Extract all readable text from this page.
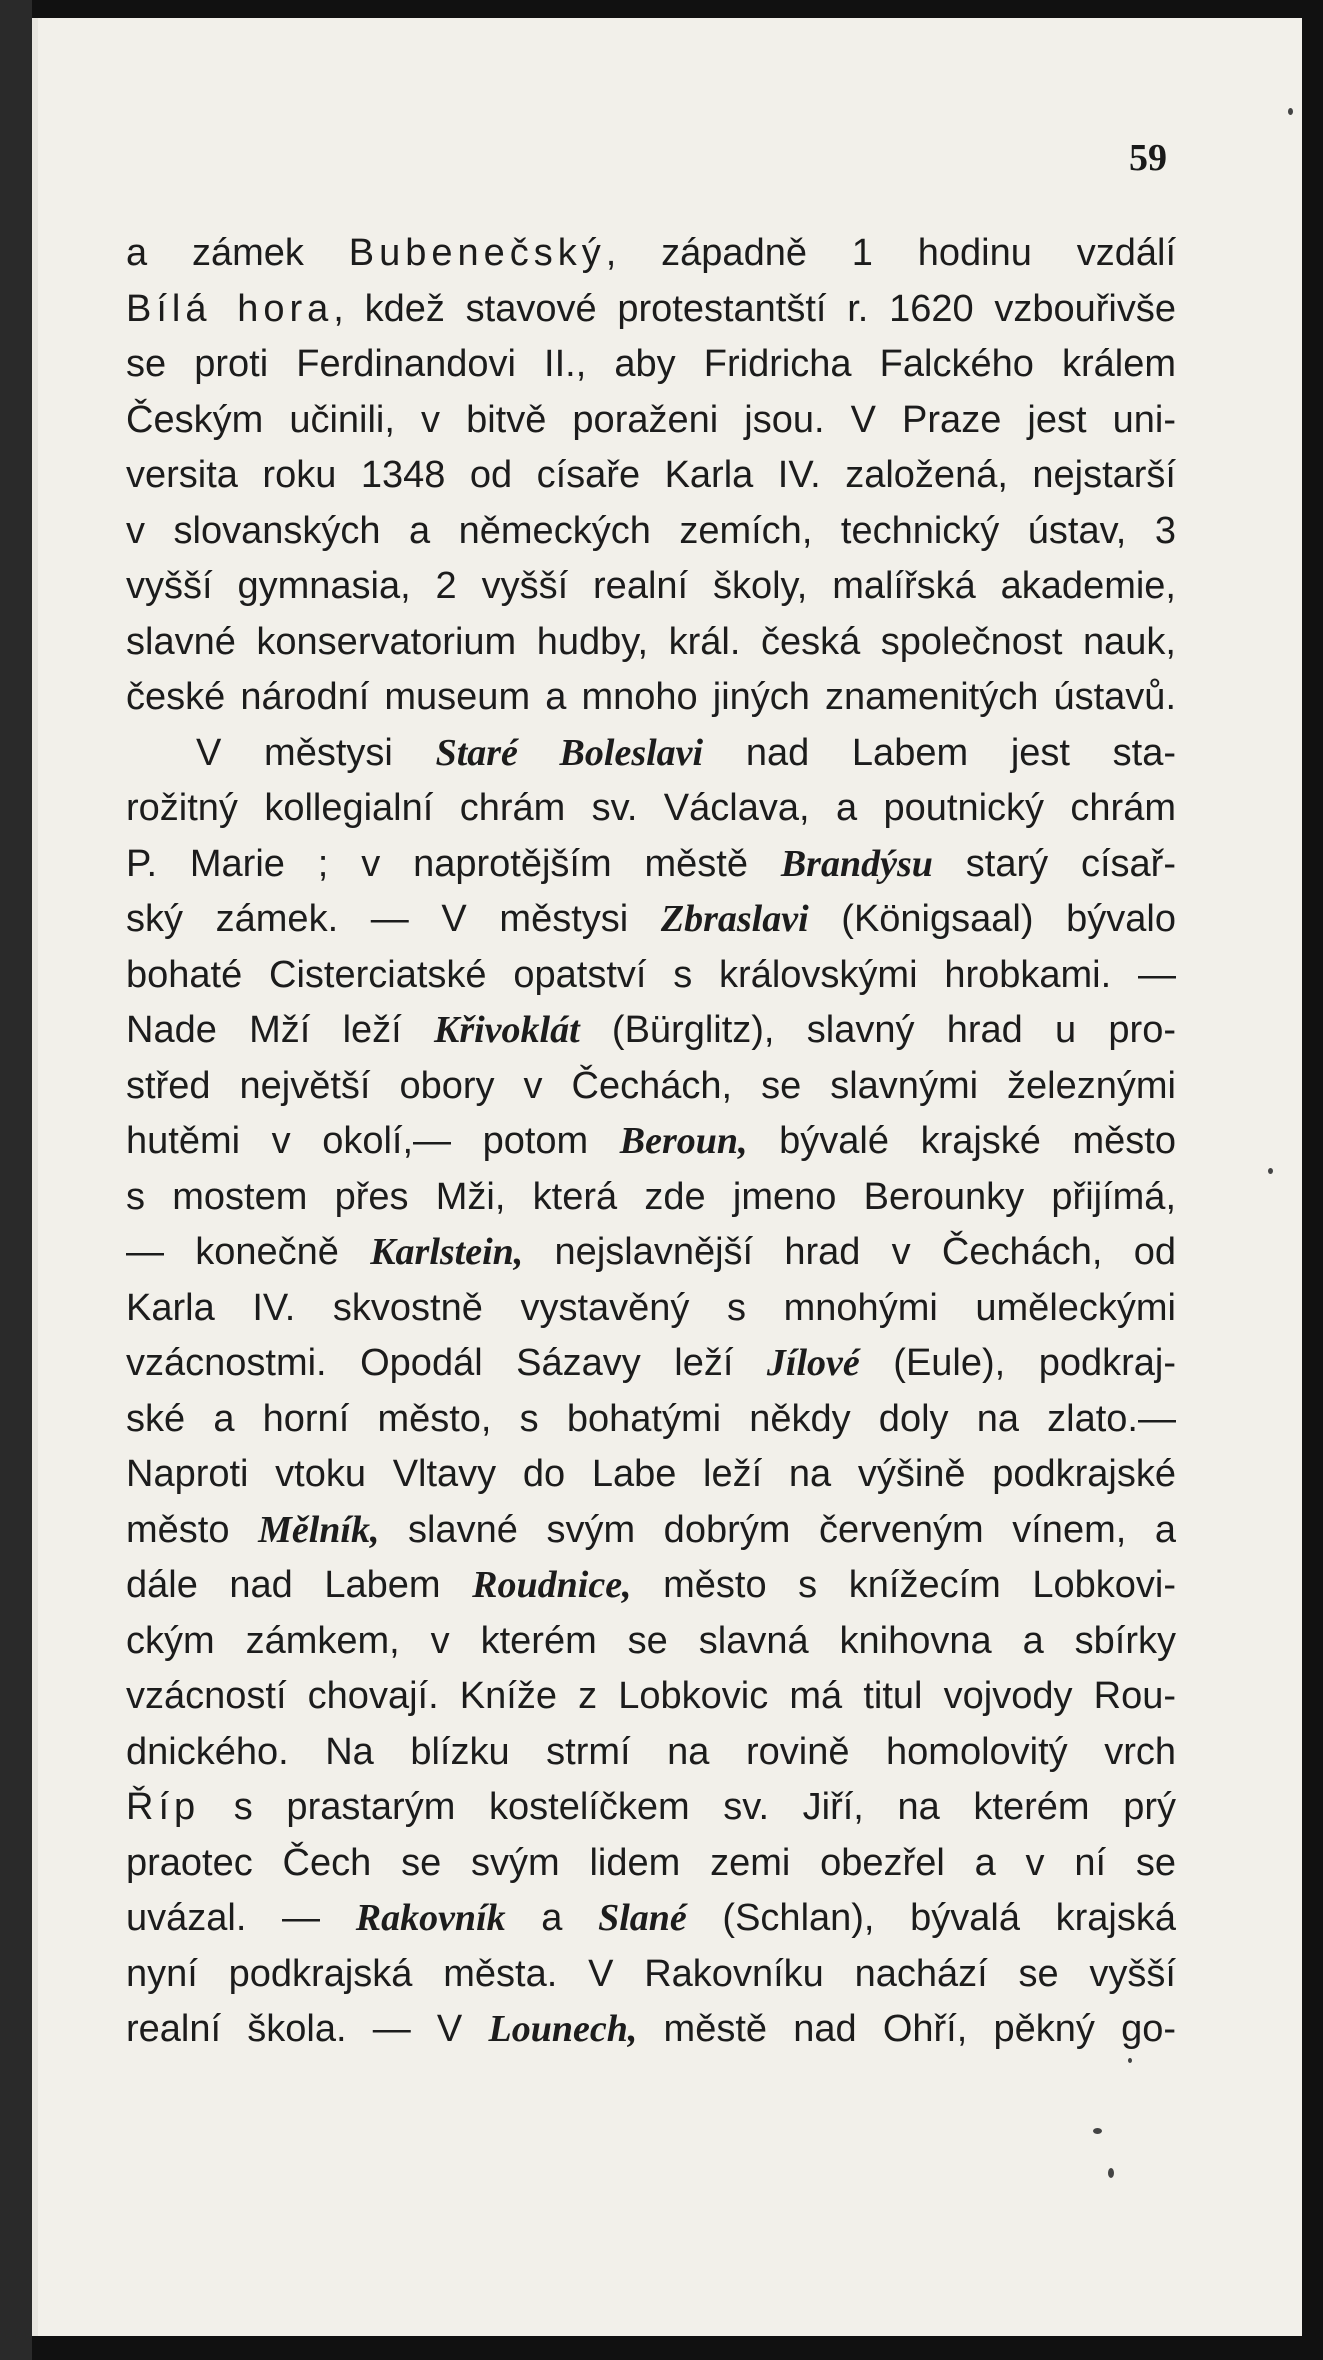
59
a zámek Bubenečský, západně 1 hodinu vzdálí
Bílá hora, kdež stavové protestantští r. 1620 vzbouřivše
se proti Ferdinandovi II., aby Fridricha Falckého králem
Českým učinili, v bitvě poraženi jsou. V Praze jest uni-
versita roku 1348 od císaře Karla IV. založená, nejstarší
v slovanských a německých zemích, technický ústav, 3
vyšší gymnasia, 2 vyšší realní školy, malířská akademie,
slavné konservatorium hudby, král. česká společnost nauk,
české národní museum a mnoho jiných znamenitých ústavů.
V městysi Staré Boleslavi nad Labem jest sta-
rožitný kollegialní chrám sv. Václava, a poutnický chrám
P. Marie ; v naprotějším městě Brandýsu starý císař-
ský zámek. — V městysi Zbraslavi (Königsaal) bývalo
bohaté Cisterciatské opatství s královskými hrobkami. —
Nade Mží leží Křivoklát (Bürglitz), slavný hrad u pro-
střed největší obory v Čechách, se slavnými železnými
hutěmi v okolí,— potom Beroun, bývalé krajské město
s mostem přes Mži, která zde jmeno Berounky přijímá,
— konečně Karlstein, nejslavnější hrad v Čechách, od
Karla IV. skvostně vystavěný s mnohými uměleckými
vzácnostmi. Opodál Sázavy leží Jílové (Eule), podkraj-
ské a horní město, s bohatými někdy doly na zlato.—
Naproti vtoku Vltavy do Labe leží na výšině podkrajské
město Mělník, slavné svým dobrým červeným vínem, a
dále nad Labem Roudnice, město s knížecím Lobkovi-
ckým zámkem, v kterém se slavná knihovna a sbírky
vzácností chovají. Kníže z Lobkovic má titul vojvody Rou-
dnického. Na blízku strmí na rovině homolovitý vrch
Říp s prastarým kostelíčkem sv. Jiří, na kterém prý
praotec Čech se svým lidem zemi obezřel a v ní se
uvázal. — Rakovník a Slané (Schlan), bývalá krajská
nyní podkrajská města. V Rakovníku nachází se vyšší
realní škola. — V Lounech, městě nad Ohří, pěkný go-
